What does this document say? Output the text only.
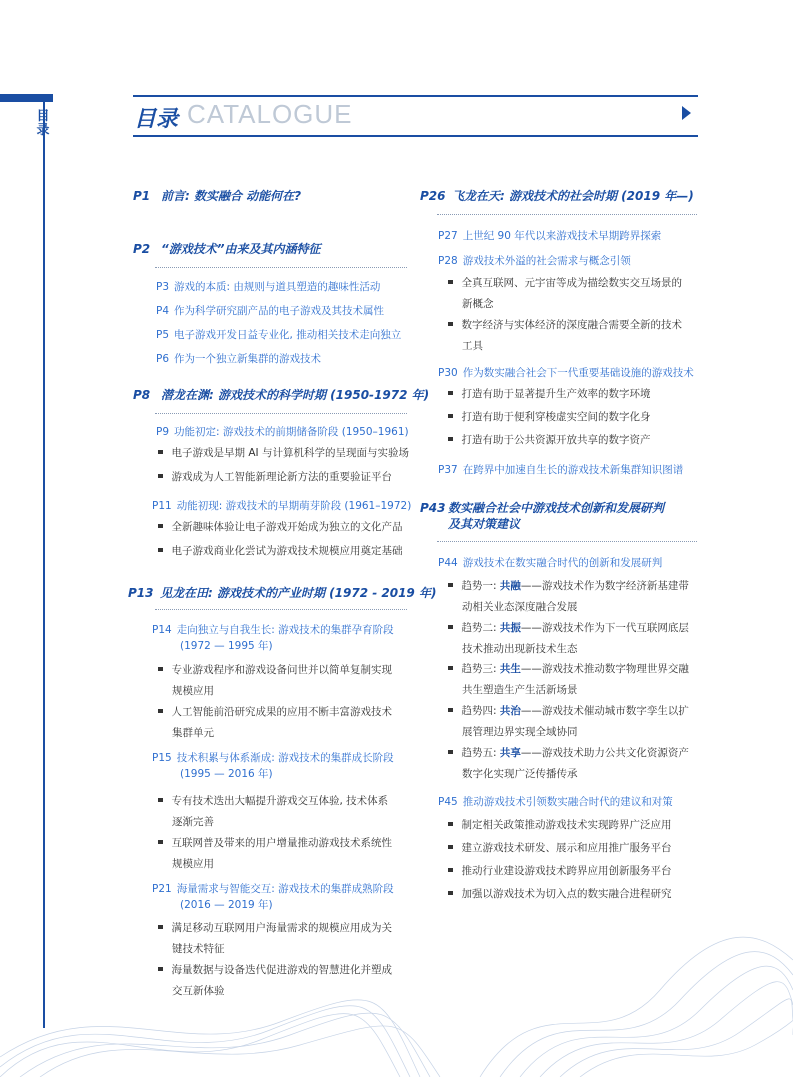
目录	目录 CATALOGUE
P1 前言: 数实融合 动能何在?
P2 “游戏技术”由来及其内涵特征
P3 游戏的本质: 由规则与道具塑造的趣味性活动
P4 作为科学研究副产品的电子游戏及其技术属性
P5 电子游戏开发日益专业化, 推动相关技术走向独立
P6 作为一个独立新集群的游戏技术
P8 潜龙在渊: 游戏技术的科学时期 (1950-1972 年)
P9 功能初定: 游戏技术的前期储备阶段 (1950–1961)
电子游戏是早期 AI 与计算机科学的呈现面与实验场
游戏成为人工智能新理论新方法的重要验证平台
P11 动能初现: 游戏技术的早期萌芽阶段 (1961–1972)
全新趣味体验让电子游戏开始成为独立的文化产品
电子游戏商业化尝试为游戏技术规模应用奠定基础
P13 见龙在田: 游戏技术的产业时期 (1972 - 2019 年)
P14 走向独立与自我生长: 游戏技术的集群孕育阶段
(1972 — 1995 年)
专业游戏程序和游戏设备问世并以简单复制实现
规模应用
人工智能前沿研究成果的应用不断丰富游戏技术
集群单元
P15 技术积累与体系渐成: 游戏技术的集群成长阶段
(1995 — 2016 年)
专有技术迭出大幅提升游戏交互体验, 技术体系
逐渐完善
互联网普及带来的用户增量推动游戏技术系统性
规模应用
P21 海量需求与智能交互: 游戏技术的集群成熟阶段
(2016 — 2019 年)
满足移动互联网用户海量需求的规模应用成为关
键技术特征
海量数据与设备迭代促进游戏的智慧进化并塑成
交互新体验
P26 飞龙在天: 游戏技术的社会时期 (2019 年—)
P27 上世纪 90 年代以来游戏技术早期跨界探索
P28 游戏技术外溢的社会需求与概念引领
全真互联网、元宇宙等成为描绘数实交互场景的
新概念
数字经济与实体经济的深度融合需要全新的技术
工具
P30 作为数实融合社会下一代重要基础设施的游戏技术
打造有助于显著提升生产效率的数字环境
打造有助于便利穿梭虚实空间的数字化身
打造有助于公共资源开放共享的数字资产
P37 在跨界中加速自生长的游戏技术新集群知识图谱
P43 数实融合社会中游戏技术创新和发展研判
及其对策建议
P44 游戏技术在数实融合时代的创新和发展研判
趋势一: 共融——游戏技术作为数字经济新基建带
动相关业态深度融合发展
趋势二: 共振——游戏技术作为下一代互联网底层
技术推动出现新技术生态
趋势三: 共生——游戏技术推动数字物理世界交融
共生塑造生产生活新场景
趋势四: 共治——游戏技术催动城市数字孪生以扩
展管理边界实现全域协同
趋势五: 共享——游戏技术助力公共文化资源资产
数字化实现广泛传播传承
P45 推动游戏技术引领数实融合时代的建议和对策
制定相关政策推动游戏技术实现跨界广泛应用
建立游戏技术研发、展示和应用推广服务平台
推动行业建设游戏技术跨界应用创新服务平台
加强以游戏技术为切入点的数实融合进程研究
